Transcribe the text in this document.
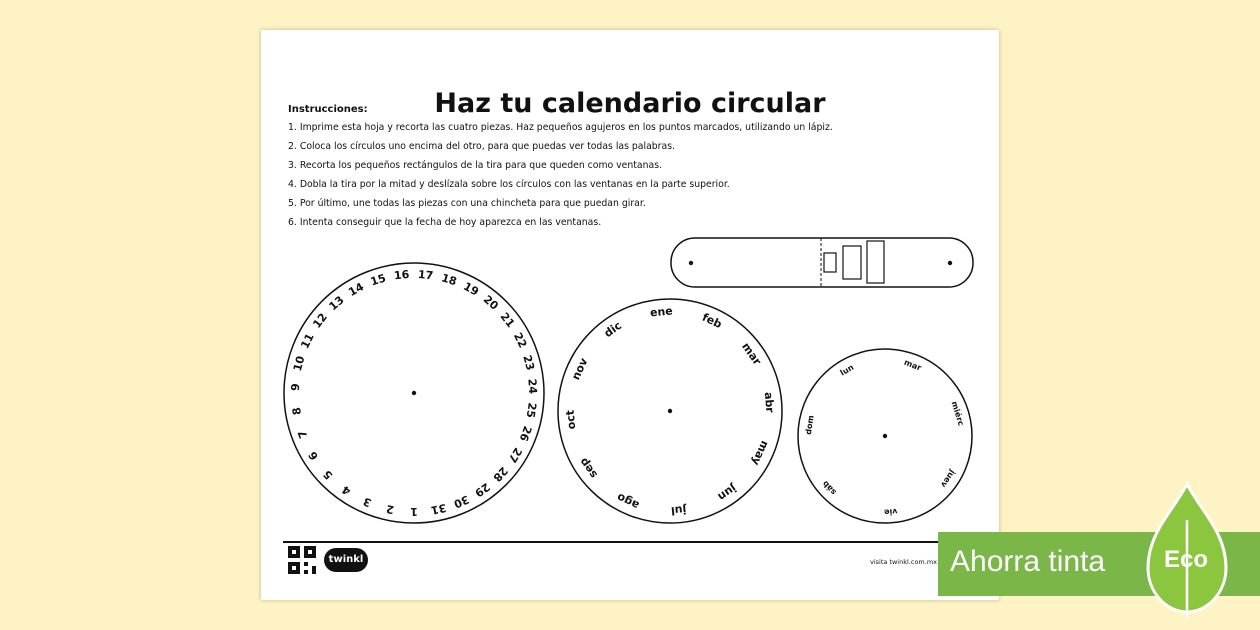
Haz tu calendario circular
Instrucciones:
1. Imprime esta hoja y recorta las cuatro piezas. Haz pequeños agujeros en los puntos marcados, utilizando un lápiz.
2. Coloca los círculos uno encima del otro, para que puedas ver todas las palabras.
3. Recorta los pequeños rectángulos de la tira para que queden como ventanas.
4. Dobla la tira por la mitad y deslízala sobre los círculos con las ventanas en la parte superior.
5. Por último, une todas las piezas con una chincheta para que puedan girar.
6. Intenta conseguir que la fecha de hoy aparezca en las ventanas.
1
2
3
4
5
6
7
8
9
10
11
12
13
14
15 16 17 18 19
20
21
22
23
24
25
26
27
28
29
30
31
ene feb
mar
abr
may
jun
jul
ago
sep
oct
nov
dic
lun	mar
miérc
juev
vie
sáb
dom
twinkl	visita twinkl.com.mx Ahorra tinta Eco
